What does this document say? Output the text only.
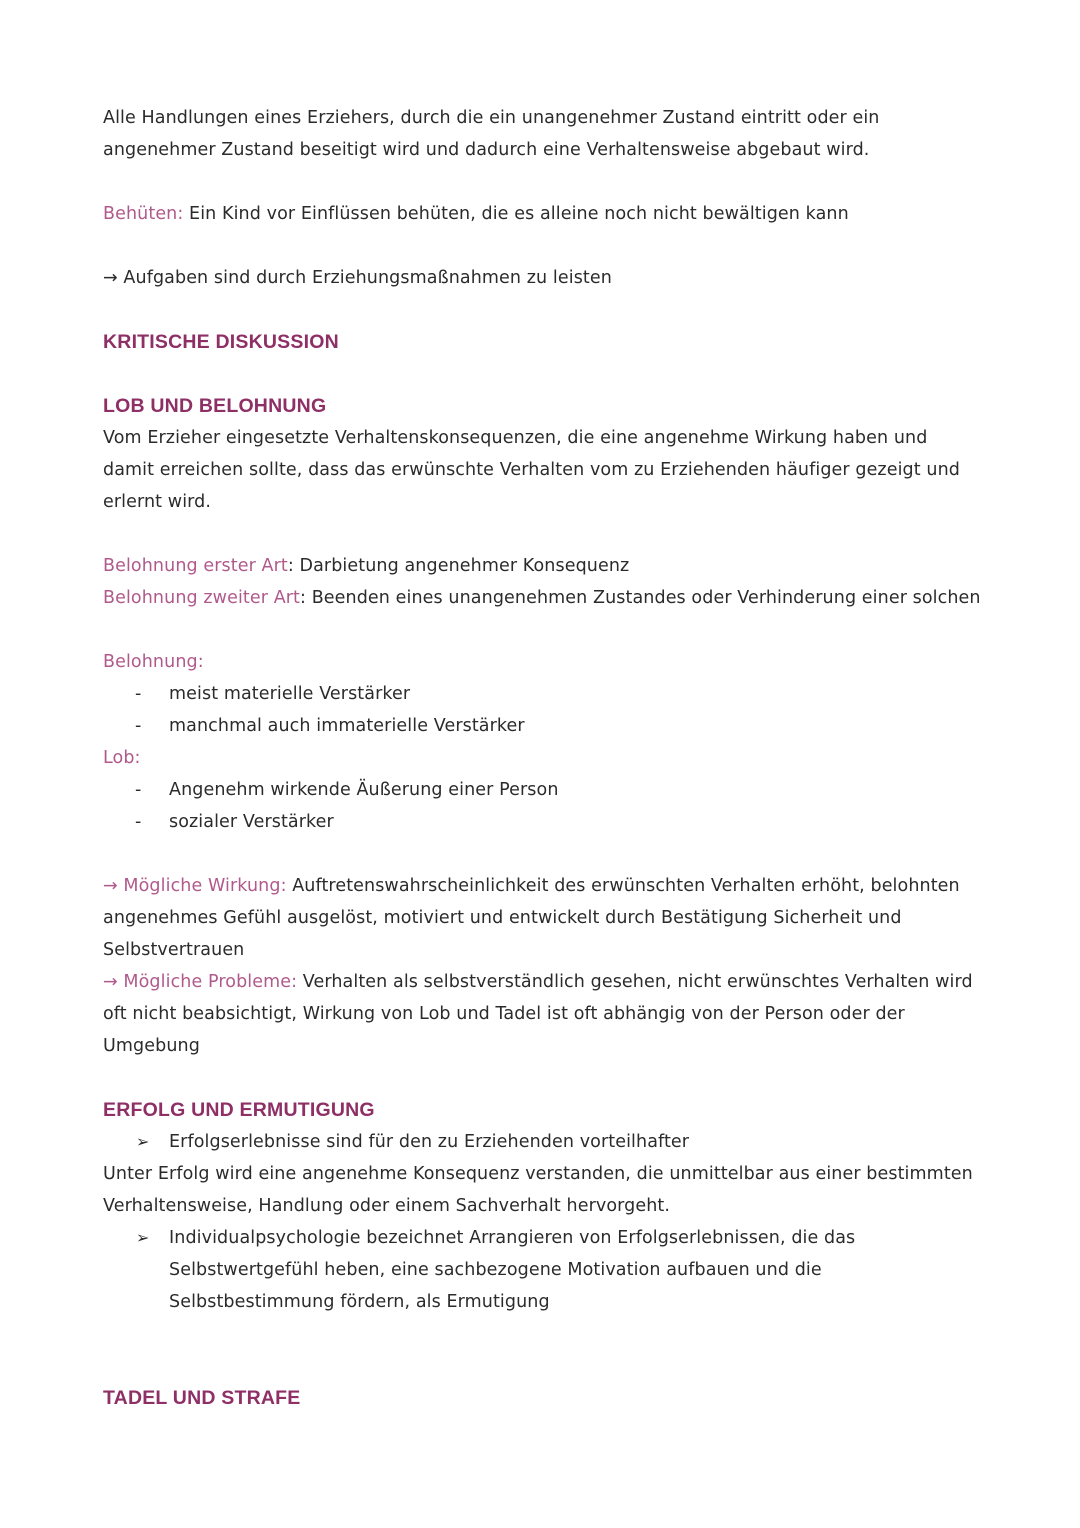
Alle Handlungen eines Erziehers, durch die ein unangenehmer Zustand eintritt oder ein angenehmer Zustand beseitigt wird und dadurch eine Verhaltensweise abgebaut wird.

Behüten: Ein Kind vor Einflüssen behüten, die es alleine noch nicht bewältigen kann

→ Aufgaben sind durch Erziehungsmaßnahmen zu leisten

KRITISCHE DISKUSSION

LOB UND BELOHNUNG

Vom Erzieher eingesetzte Verhaltenskonsequenzen, die eine angenehme Wirkung haben und damit erreichen sollte, dass das erwünschte Verhalten vom zu Erziehenden häufiger gezeigt und erlernt wird.

Belohnung erster Art: Darbietung angenehmer Konsequenz

Belohnung zweiter Art: Beenden eines unangenehmen Zustandes oder Verhinderung einer solchen

Belohnung:

- meist materielle Verstärker
- manchmal auch immaterielle Verstärker

Lob:

- Angenehm wirkende Äußerung einer Person
- sozialer Verstärker

→ Mögliche Wirkung: Auftretenswahrscheinlichkeit des erwünschten Verhalten erhöht, belohnten angenehmes Gefühl ausgelöst, motiviert und entwickelt durch Bestätigung Sicherheit und Selbstvertrauen

→ Mögliche Probleme: Verhalten als selbstverständlich gesehen, nicht erwünschtes Verhalten wird oft nicht beabsichtigt, Wirkung von Lob und Tadel ist oft abhängig von der Person oder der Umgebung

ERFOLG UND ERMUTIGUNG

➢ Erfolgserlebnisse sind für den zu Erziehenden vorteilhafter

Unter Erfolg wird eine angenehme Konsequenz verstanden, die unmittelbar aus einer bestimmten Verhaltensweise, Handlung oder einem Sachverhalt hervorgeht.

➢ Individualpsychologie bezeichnet Arrangieren von Erfolgserlebnissen, die das Selbstwertgefühl heben, eine sachbezogene Motivation aufbauen und die Selbstbestimmung fördern, als Ermutigung

TADEL UND STRAFE
